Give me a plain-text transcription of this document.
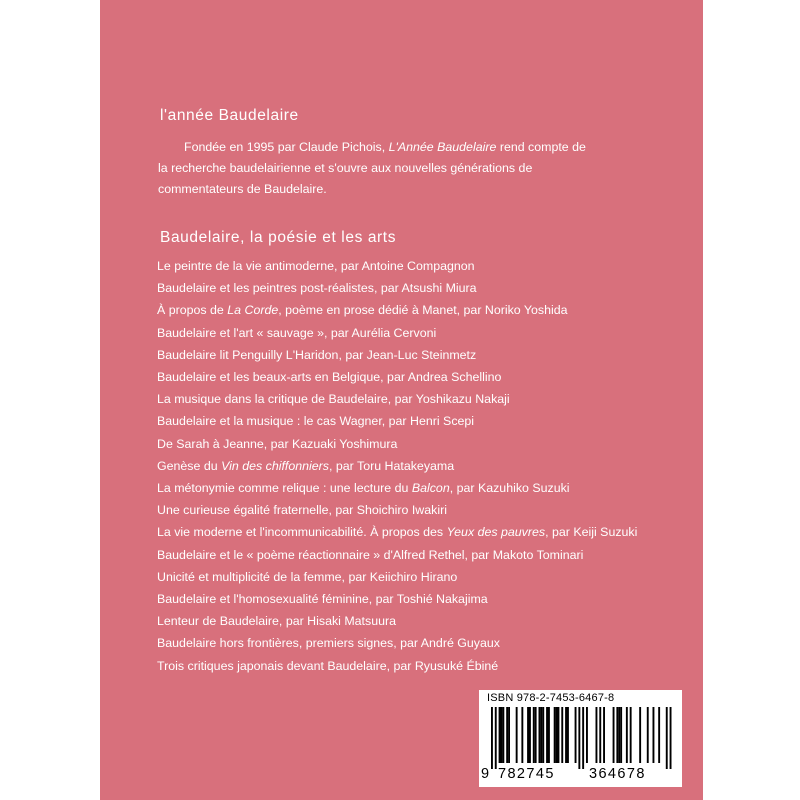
l'année Baudelaire

Fondée en 1995 par Claude Pichois, L'Année Baudelaire rend compte de la recherche baudelairienne et s'ouvre aux nouvelles générations de commentateurs de Baudelaire.

Baudelaire, la poésie et les arts
Le peintre de la vie antimoderne, par Antoine Compagnon
Baudelaire et les peintres post-réalistes, par Atsushi Miura
À propos de La Corde, poème en prose dédié à Manet, par Noriko Yoshida
Baudelaire et l'art « sauvage », par Aurélia Cervoni
Baudelaire lit Penguilly L'Haridon, par Jean-Luc Steinmetz
Baudelaire et les beaux-arts en Belgique, par Andrea Schellino
La musique dans la critique de Baudelaire, par Yoshikazu Nakaji
Baudelaire et la musique : le cas Wagner, par Henri Scepi
De Sarah à Jeanne, par Kazuaki Yoshimura
Genèse du Vin des chiffonniers, par Toru Hatakeyama
La métonymie comme relique : une lecture du Balcon, par Kazuhiko Suzuki
Une curieuse égalité fraternelle, par Shoichiro Iwakiri
La vie moderne et l'incommunicabilité. À propos des Yeux des pauvres, par Keiji Suzuki
Baudelaire et le « poème réactionnaire » d'Alfred Rethel, par Makoto Tominari
Unicité et multiplicité de la femme, par Keiichiro Hirano
Baudelaire et l'homosexualité féminine, par Toshié Nakajima
Lenteur de Baudelaire, par Hisaki Matsuura
Baudelaire hors frontières, premiers signes, par André Guyaux
Trois critiques japonais devant Baudelaire, par Ryusuké Ébiné
ISBN 978-2-7453-6467-8
9 782745 364678
